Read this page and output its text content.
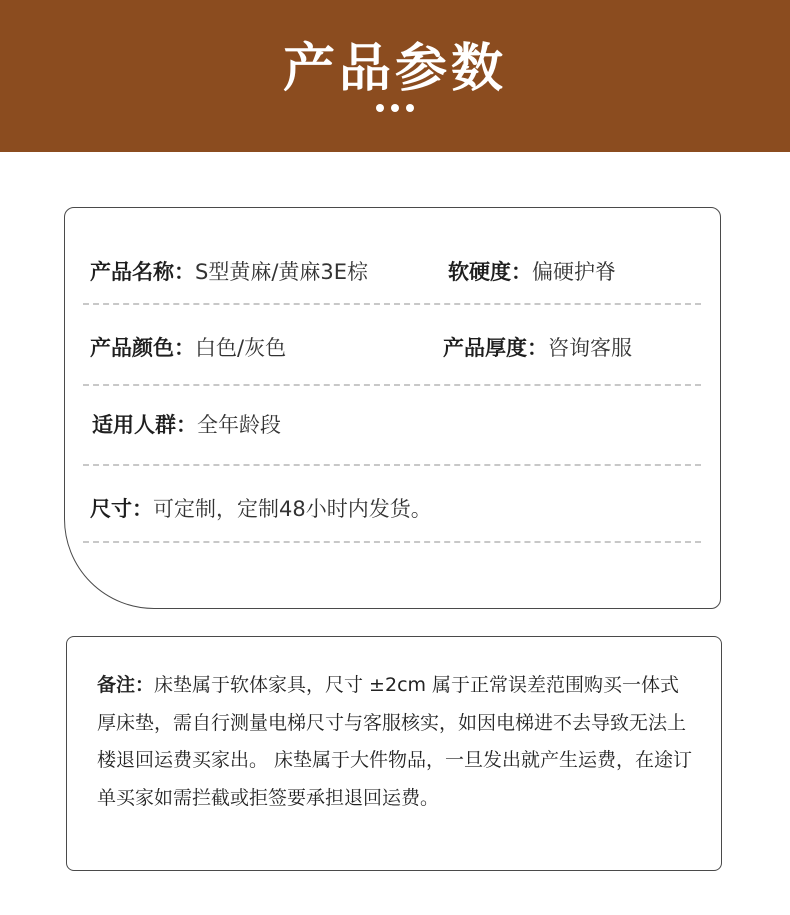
产品参数
产品名称：S型黄麻/黄麻3E棕	软硬度：偏硬护脊
产品颜色：白色/灰色	产品厚度：咨询客服
适用人群：全年龄段
尺寸：可定制，定制48小时内发货。
备注：床垫属于软体家具，尺寸 ±2cm 属于正常误差范围购买一体式厚床垫，需自行测量电梯尺寸与客服核实，如因电梯进不去导致无法上楼退回运费买家出。 床垫属于大件物品，一旦发出就产生运费，在途订单买家如需拦截或拒签要承担退回运费。
